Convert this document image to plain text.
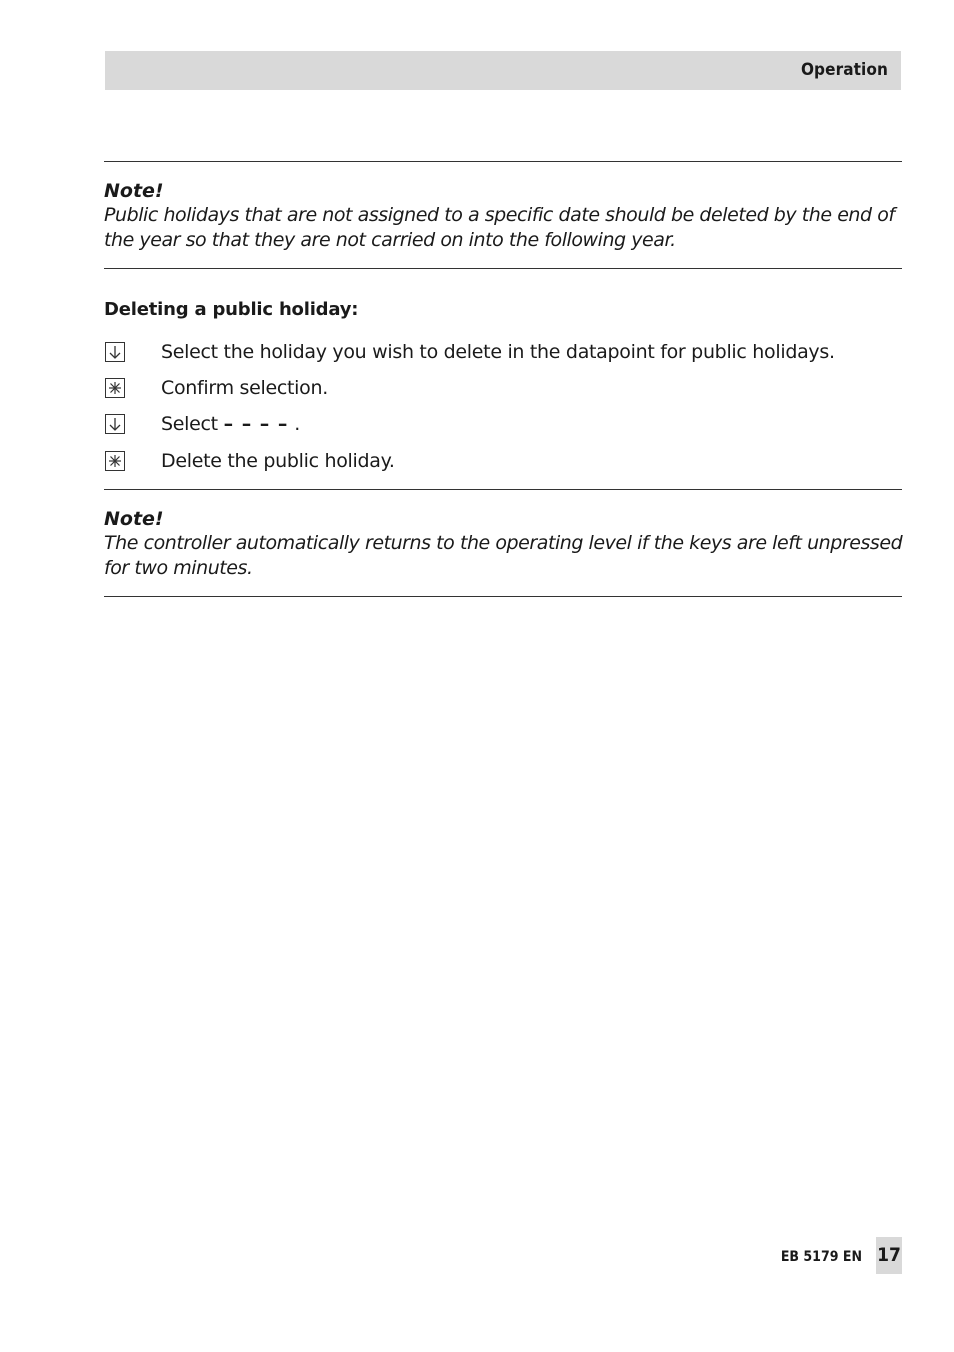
Operation
Note!
Public holidays that are not assigned to a specific date should be deleted by the end of the year so that they are not carried on into the following year.
Deleting a public holiday:
Select the holiday you wish to delete in the datapoint for public holidays.
Confirm selection.
Select – – – – .
Delete the public holiday.
Note!
The controller automatically returns to the operating level if the keys are left unpressed for two minutes.
EB 5179 EN 17
